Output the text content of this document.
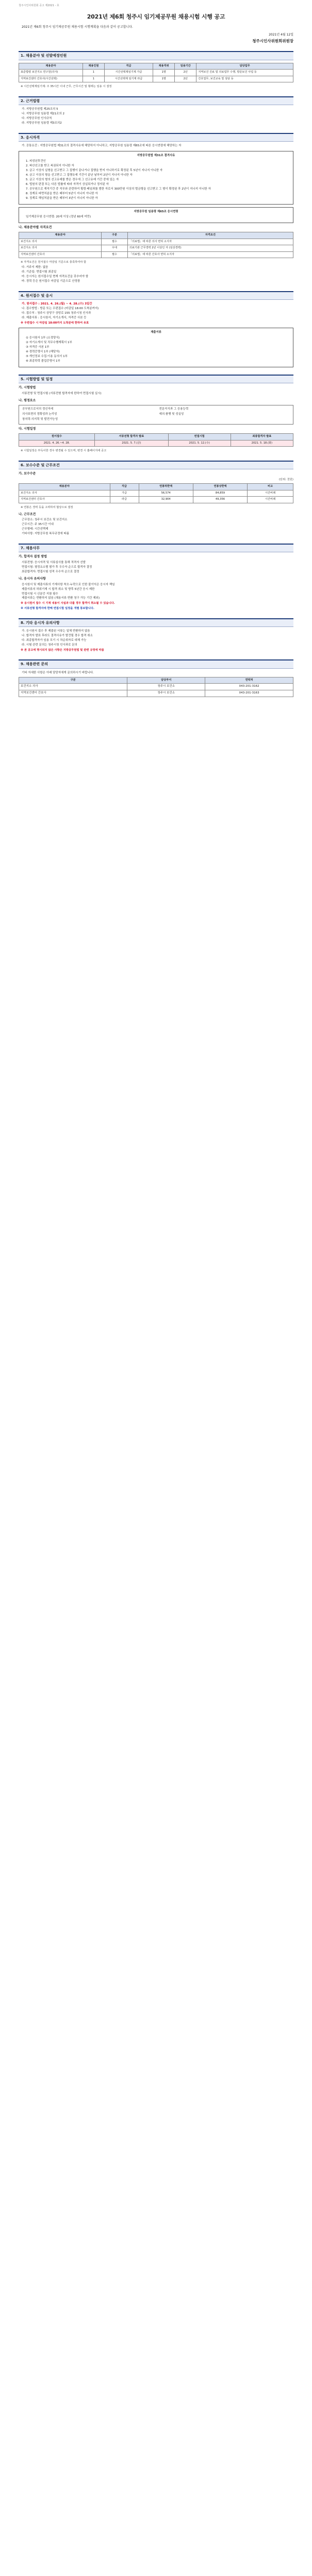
청주시인사위원회 공고 제2021 - 호
2021년 제6회 청주시 임기제공무원 채용시험 시행 공고
2021년 제6회 청주시 임기제공무원 채용시험 시행계획을 다음과 같이 공고합니다.
2021년 4월 12일
청주시인사위원회위원장
1. 채용분야 및 선발예정인원
채용분야	채용인원	직급	채용직위	임용기간	담당업무
표준법령 보건지소 연구원(의사)	1	시간선택제임기제 가급	1명	2년	지역보건 진료 및 의료업무 수행, 방문보건 사업 등
지역보건센터 간호사(시간선택)	1	시간선택제 임기제 라급	1명	2년	간호업무, 보건교육 및 상담 등
※ 시간선택제임기제: 주 35시간 이내 근무, 근무시간 및 형태는 임용 시 결정
2. 근거법령
가. 지방공무원법 제25조의 5
나. 지방공무원 임용령 제21조의 2
다. 지방공무원 인사규칙
라. 지방공무원 임용령 제3조의2
3. 응시자격
가. 공통요건 : 지방공무원법 제31조의 결격사유에 해당하지 아니하고, 지방공무원 임용령 제65조에 따른 응시연령에 해당하는 자
지방공무원법 제31조 결격사유
1. 피성년후견인
2. 파산선고를 받고 복권되지 아니한 자
3. 금고 이상의 실형을 선고받고 그 집행이 끝나거나 집행을 받지 아니하기로 확정된 후 5년이 지나지 아니한 자
4. 금고 이상의 형을 선고받고 그 집행유예 기간이 끝난 날부터 2년이 지나지 아니한 자
5. 금고 이상의 형의 선고유예를 받은 경우에 그 선고유예 기간 중에 있는 자
6. 법원의 판결 또는 다른 법률에 따라 자격이 상실되거나 정지된 자
7. 공무원으로 재직기간 중 직무와 관련하여 횡령·배임죄를 범한 자로서 300만원 이상의 벌금형을 선고받고 그 형이 확정된 후 2년이 지나지 아니한 자
8. 징계로 파면처분을 받은 때부터 5년이 지나지 아니한 자
9. 징계로 해임처분을 받은 때부터 3년이 지나지 아니한 자
지방공무원 임용령 제65조 응시연령
임기제공무원 응시연령: 20세 이상 (정년 60세 미만)
나. 채용분야별 자격요건
채용분야	구분	자격요건
보건지소 의사	필수	「의료법」에 따른 의사 면허 소지자
보건지소 의사	우대	의료기관 근무경력 2년 이상인 자 (임상경력)
지역보건센터 간호사	필수	「의료법」에 따른 간호사 면허 소지자
※ 자격요건은 원서접수 마감일 기준으로 충족하여야 함
다. 거주지 제한: 없음
라. 기준일: 면접시험 최종일
마. 응시자는 원서접수일 현재 자격요건을 갖추어야 함
바. 경력 등은 원서접수 마감일 기준으로 산정함
4. 원서접수 및 응시
가. 원서접수 : 2021. 4. 26.(월) ~ 4. 28.(수) 3일간
나. 접수방법 : 방문 또는 우편접수 (마감일 18:00 도착분까지)
다. 접수처 : 청주시 상당구 상당로 155 청주시청 인사과
라. 제출서류 : 응시원서, 자기소개서, 자격증 사본 등
※ 우편접수 시 마감일 18:00까지 도착분에 한하여 유효
제출서류
① 응시원서 1부 (소정양식)
② 자기소개서 및 직무수행계획서 1부
③ 자격증 사본 1부
④ 경력증명서 1부 (해당자)
⑤ 개인정보 수집·이용 동의서 1부
⑥ 최종학력 졸업증명서 1부
5. 시험방법 및 일정
가. 시험방법
서류전형 및 면접시험 (서류전형 합격자에 한하여 면접시험 실시)
나. 평정요소
공무원으로서의 정신자세	전문지식과 그 응용능력
의사표현의 정확성과 논리성	예의·품행 및 성실성
창의력·의지력 및 발전가능성
다. 시험일정
원서접수	서류전형 합격자 발표	면접시험	최종합격자 발표
2021. 4. 26.~4. 28.	2021. 5. 7.(금)	2021. 5. 12.(수)	2021. 5. 18.(화)
※ 시험일정은 부득이한 경우 변경될 수 있으며, 변경 시 홈페이지에 공고
6. 보수수준 및 근무조건
가. 보수수준
(단위: 천원)
채용분야	직급	연봉하한액	연봉상한액	비고
보건지소 의사	가급	56,574	84,859	시간비례
지역보건센터 간호사	라급	32,904	49,356	시간비례
※ 연봉은 경력 등을 고려하여 협상으로 결정
나. 근무조건
근무장소: 청주시 보건소 및 보건지소
근무시간: 주 35시간 이내
근무형태: 시간선택제
기타사항: 지방공무원 복무규정에 따름
7. 채용사무
가. 합격자 결정 방법
서류전형: 응시자격 및 서류심사를 통해 적격자 선발
면접시험: 평정요소별 평가 후 우수자 순으로 합격자 결정
최종합격자: 면접시험 성적 우수자 순으로 결정
나. 응시자 유의사항
응시원서 및 제출서류의 기재사항 착오·누락으로 인한 불이익은 응시자 책임
제출서류의 허위기재 시 합격 취소 및 향후 5년간 응시 제한
면접시험 시 신분증 지참 필수
제출서류는 반환하지 않음 (채용서류 반환 청구 가능 기간 제외)
※ 응시원서 접수 시 기재 내용이 사실과 다를 경우 합격이 취소될 수 있습니다.
※ 서류전형 합격자에 한해 면접시험 일정을 개별 통보합니다.
8. 기타 응시자 유의사항
가. 응시원서 접수 후 제출된 서류는 일체 반환하지 않음
나. 합격자 발표 후라도 결격사유가 발견될 경우 합격 취소
다. 최종합격자가 임용 포기 시 차순위자로 대체 가능
라. 시험 관련 문의는 청주시청 인사과로 문의
※ 본 공고에 명시되지 않은 사항은 지방공무원법 및 관련 규정에 따름
9. 채용관련 문의
기타 자세한 사항은 아래 담당자에게 문의하시기 바랍니다.
구분	담당부서	연락처
보건지소 의사	청주시 보건소	043-201-3162
지역보건센터 간호사	청주시 보건소	043-201-3163
